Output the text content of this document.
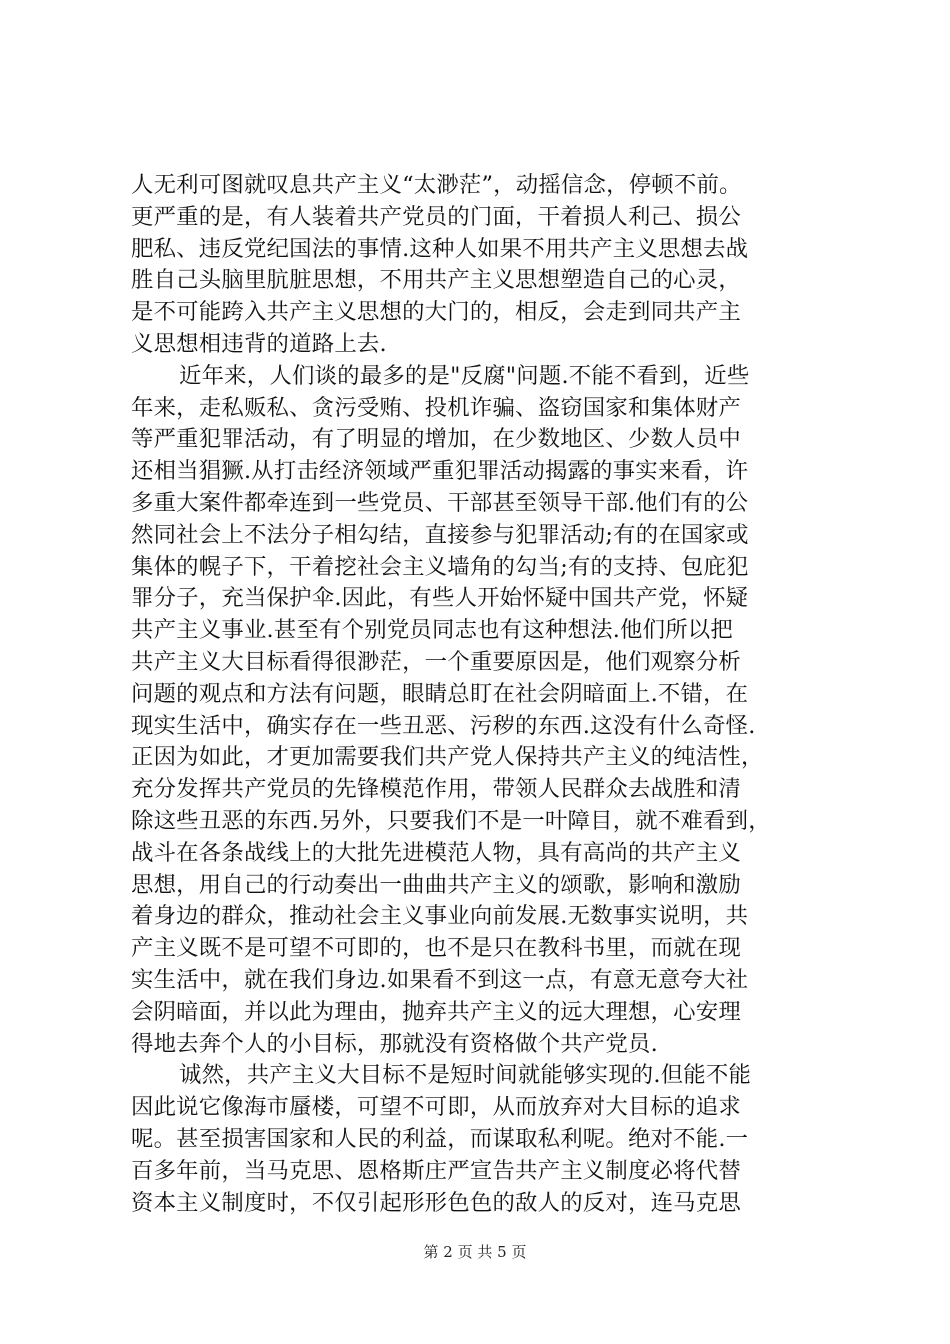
人无利可图就叹息共产主义“太渺茫”，动摇信念，停顿不前。
更严重的是，有人装着共产党员的门面，干着损人利己、损公
肥私、违反党纪国法的事情.这种人如果不用共产主义思想去战
胜自己头脑里肮脏思想，不用共产主义思想塑造自己的心灵，
是不可能跨入共产主义思想的大门的，相反，会走到同共产主
义思想相违背的道路上去.
近年来，人们谈的最多的是"反腐"问题.不能不看到，近些
年来，走私贩私、贪污受贿、投机诈骗、盗窃国家和集体财产
等严重犯罪活动，有了明显的增加，在少数地区、少数人员中
还相当猖獗.从打击经济领域严重犯罪活动揭露的事实来看，许
多重大案件都牵连到一些党员、干部甚至领导干部.他们有的公
然同社会上不法分子相勾结，直接参与犯罪活动;有的在国家或
集体的幌子下，干着挖社会主义墙角的勾当;有的支持、包庇犯
罪分子，充当保护伞.因此，有些人开始怀疑中国共产党，怀疑
共产主义事业.甚至有个别党员同志也有这种想法.他们所以把
共产主义大目标看得很渺茫，一个重要原因是，他们观察分析
问题的观点和方法有问题，眼睛总盯在社会阴暗面上.不错，在
现实生活中，确实存在一些丑恶、污秽的东西.这没有什么奇怪.
正因为如此，才更加需要我们共产党人保持共产主义的纯洁性，
充分发挥共产党员的先锋模范作用，带领人民群众去战胜和清
除这些丑恶的东西.另外，只要我们不是一叶障目，就不难看到，
战斗在各条战线上的大批先进模范人物，具有高尚的共产主义
思想，用自己的行动奏出一曲曲共产主义的颂歌，影响和激励
着身边的群众，推动社会主义事业向前发展.无数事实说明，共
产主义既不是可望不可即的，也不是只在教科书里，而就在现
实生活中，就在我们身边.如果看不到这一点，有意无意夸大社
会阴暗面，并以此为理由，抛弃共产主义的远大理想，心安理
得地去奔个人的小目标，那就没有资格做个共产党员.
诚然，共产主义大目标不是短时间就能够实现的.但能不能
因此说它像海市蜃楼，可望不可即，从而放弃对大目标的追求
呢。甚至损害国家和人民的利益，而谋取私利呢。绝对不能.一
百多年前，当马克思、恩格斯庄严宣告共产主义制度必将代替
资本主义制度时，不仅引起形形色色的敌人的反对，连马克思
第 2 页 共 5 页
